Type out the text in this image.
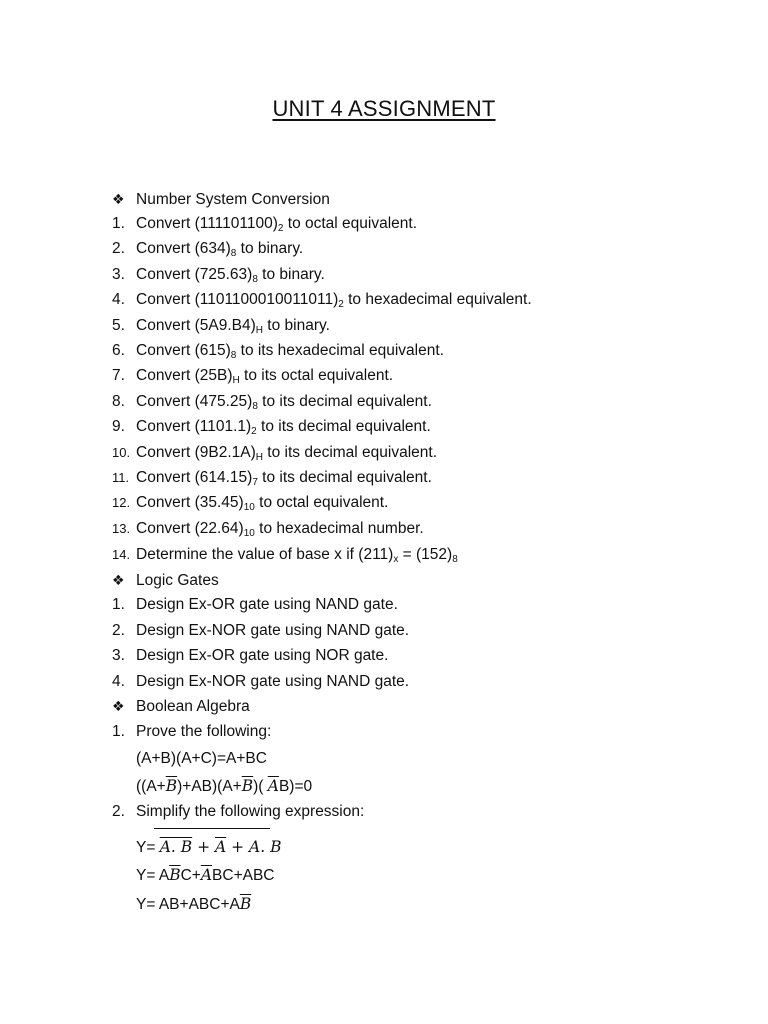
UNIT 4 ASSIGNMENT
❖ Number System Conversion
1. Convert $(111101100)_2$ to octal equivalent.
2. Convert $(634)_8$ to binary.
3. Convert $(725.63)_8$ to binary.
4. Convert $(1101100010011011)_2$ to hexadecimal equivalent.
5. Convert $(5A9.B4)_H$ to binary.
6. Convert $(615)_8$ to its hexadecimal equivalent.
7. Convert $(25B)_H$ to its octal equivalent.
8. Convert $(475.25)_8$ to its decimal equivalent.
9. Convert $(1101.1)_2$ to its decimal equivalent.
10. Convert $(9B2.1A)_H$ to its decimal equivalent.
11. Convert $(614.15)_7$ to its decimal equivalent.
12. Convert $(35.45)_{10}$ to octal equivalent.
13. Convert $(22.64)_{10}$ to hexadecimal number.
14. Determine the value of base x if $(211)_x = (152)_8$
❖ Logic Gates
1. Design Ex-OR gate using NAND gate.
2. Design Ex-NOR gate using NAND gate.
3. Design Ex-OR gate using NOR gate.
4. Design Ex-NOR gate using NAND gate.
❖ Boolean Algebra
1. Prove the following:
(A+B)(A+C)=A+BC
$((A+\overline{B})+AB)(A+\overline{B})$( $\overline{A}B)=0$
2. Simplify the following expression:
Y= A. $B + \overline{A} + A$. B
$Y= A\overline{B}C+\overline{A}BC+ABC$
$Y= AB+ABC+A\overline{B}$
